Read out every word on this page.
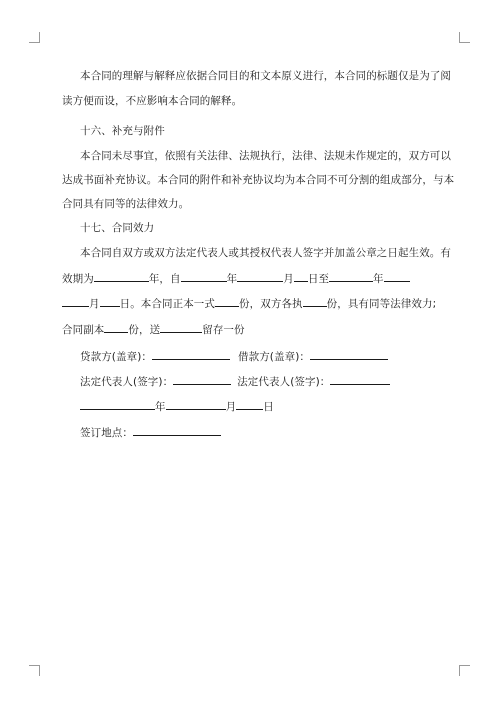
本合同的理解与解释应依据合同目的和文本原义进行，本合同的标题仅是为了阅
读方便而设，不应影响本合同的解释。
十六、补充与附件
本合同未尽事宜，依照有关法律、法规执行，法律、法规未作规定的，双方可以
达成书面补充协议。本合同的附件和补充协议均为本合同不可分割的组成部分，与本
合同具有同等的法律效力。
十七、合同效力
本合同自双方或双方法定代表人或其授权代表人签字并加盖公章之日起生效。有
效期为	年，自	年	月 日至	年
月 日。本合同正本一式 份，双方各执 份，具有同等法律效力;
合同副本 份，送	留存一份
贷款方(盖章)：	借款方(盖章)：
法定代表人(签字)：	法定代表人(签字)：
年	月	日
签订地点：
